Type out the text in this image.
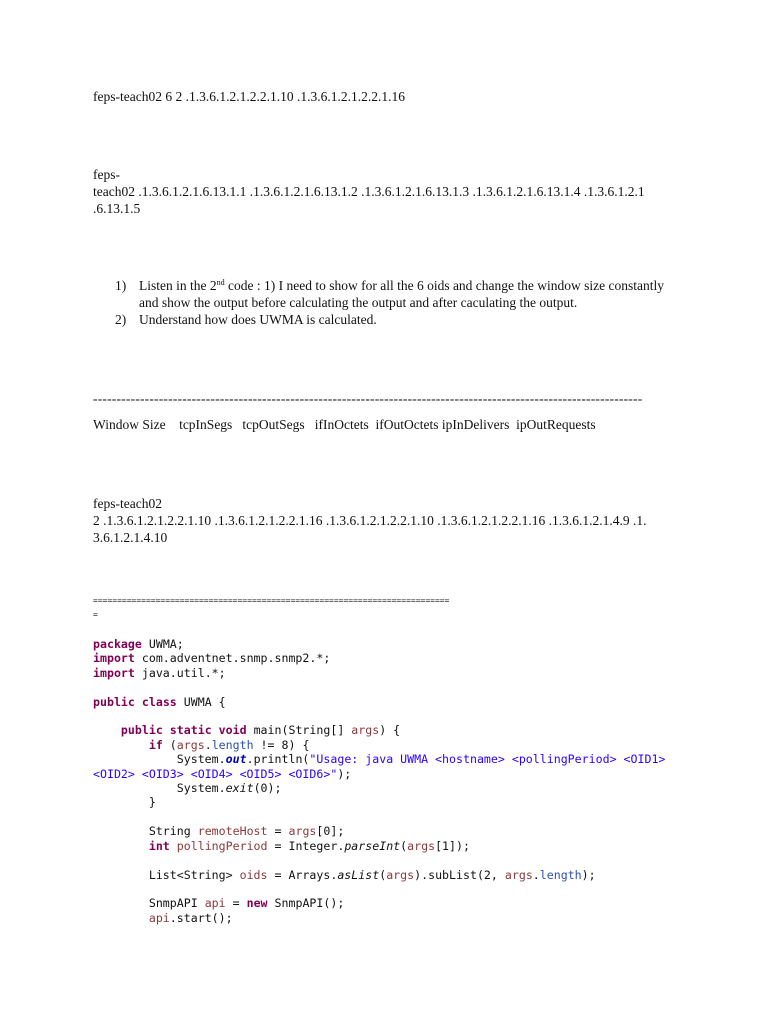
feps-teach02 6 2 .1.3.6.1.2.1.2.2.1.10 .1.3.6.1.2.1.2.2.1.16
feps-
teach02 .1.3.6.1.2.1.6.13.1.1 .1.3.6.1.2.1.6.13.1.2 .1.3.6.1.2.1.6.13.1.3 .1.3.6.1.2.1.6.13.1.4 .1.3.6.1.2.1
.6.13.1.5
1) Listen in the 2nd code : 1) I need to show for all the 6 oids and change the window size constantly and show the output before calculating the output and after caculating the output.
2) Understand how does UWMA is calculated.
---------------------------------------------------------------------------------------------------------------------
Window Size    tcpInSegs   tcpOutSegs   ifInOctets  ifOutOctets ipInDelivers  ipOutRequests
feps-teach02
2 .1.3.6.1.2.1.2.2.1.10 .1.3.6.1.2.1.2.2.1.16 .1.3.6.1.2.1.2.2.1.10 .1.3.6.1.2.1.2.2.1.16 .1.3.6.1.2.1.4.9 .1.
3.6.1.2.1.4.10
==========================================================================
=
package UWMA;
import com.adventnet.snmp.snmp2.*;
import java.util.*;

public class UWMA {

public static void main(String[] args) {
if (args.length != 8) {
System.out.println("Usage: java UWMA <hostname> <pollingPeriod> <OID1>
<OID2> <OID3> <OID4> <OID5> <OID6>");
System.exit(0);
}

String remoteHost = args[0];
int pollingPeriod = Integer.parseInt(args[1]);

List<String> oids = Arrays.asList(args).subList(2, args.length);

SnmpAPI api = new SnmpAPI();
api.start();
